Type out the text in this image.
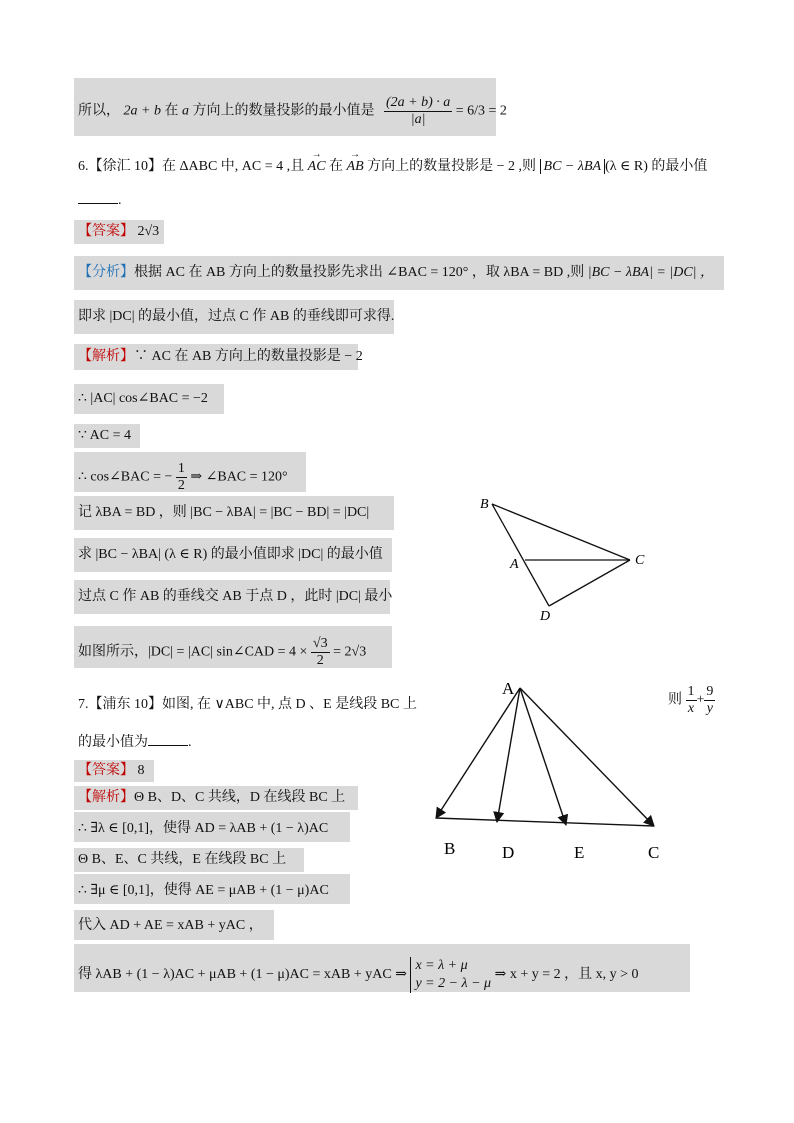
所以， 2a + b 在 a 方向上的数量投影的最小值是 $\frac{(2a + b) \cdot a}{|a|} = 6/3 = 2$
6.【徐汇 10】在 ΔABC 中, AC = 4 ,且 → AC 在 → AB 方向上的数量投影是 − 2 ,则 BC − λBA (λ ∈ R) 的最小值
.
【答案】 2√3
【分析】根据 AC 在 AB 方向上的数量投影先求出 ∠BAC = 120° ，取 λBA = BD ,则 |BC − λBA| = |DC| ，
即求 |DC| 的最小值，过点 C 作 AB 的垂线即可求得.
【解析】∵ AC 在 AB 方向上的数量投影是 − 2
∴ |AC| cos∠BAC = −2
∵ AC = 4
∴ cos∠BAC = − $\frac{1}{2}$ ⇒ ∠BAC = 120°
记 λBA = BD ，则 |BC − λBA| = |BC − BD| = |DC|
求 |BC − λBA| (λ ∈ R) 的最小值即求 |DC| 的最小值
过点 C 作 AB 的垂线交 AB 于点 D ，此时 |DC| 最小
如图所示，|DC| = |AC| sin∠CAD = $4 \times \frac{√3}{2} = 2√3$
B
A	C
D
7.【浦东 10】如图, 在 ∨ABC 中, 点 D 、E 是线段 BC 上	则 $\frac{1}{x} + \frac{9}{y}$
的最小值为	.
【答案】 8
【解析】Θ B、D、C 共线，D 在线段 BC 上
∴ ∃λ ∈ [0,1]，使得 AD = λAB + (1 − λ)AC
Θ B、E、C 共线，E 在线段 BC 上
∴ ∃μ ∈ [0,1]，使得 AE = μAB + (1 − μ)AC
代入 AD + AE = xAB + yAC ，
得 λAB + (1 − λ)AC + μAB + (1 − μ)AC = xAB + yAC ⇒
x = λ + μ
y = 2 − λ − μ
⇒ x + y = 2 ，且 x, y > 0
A
B	D	E	C
